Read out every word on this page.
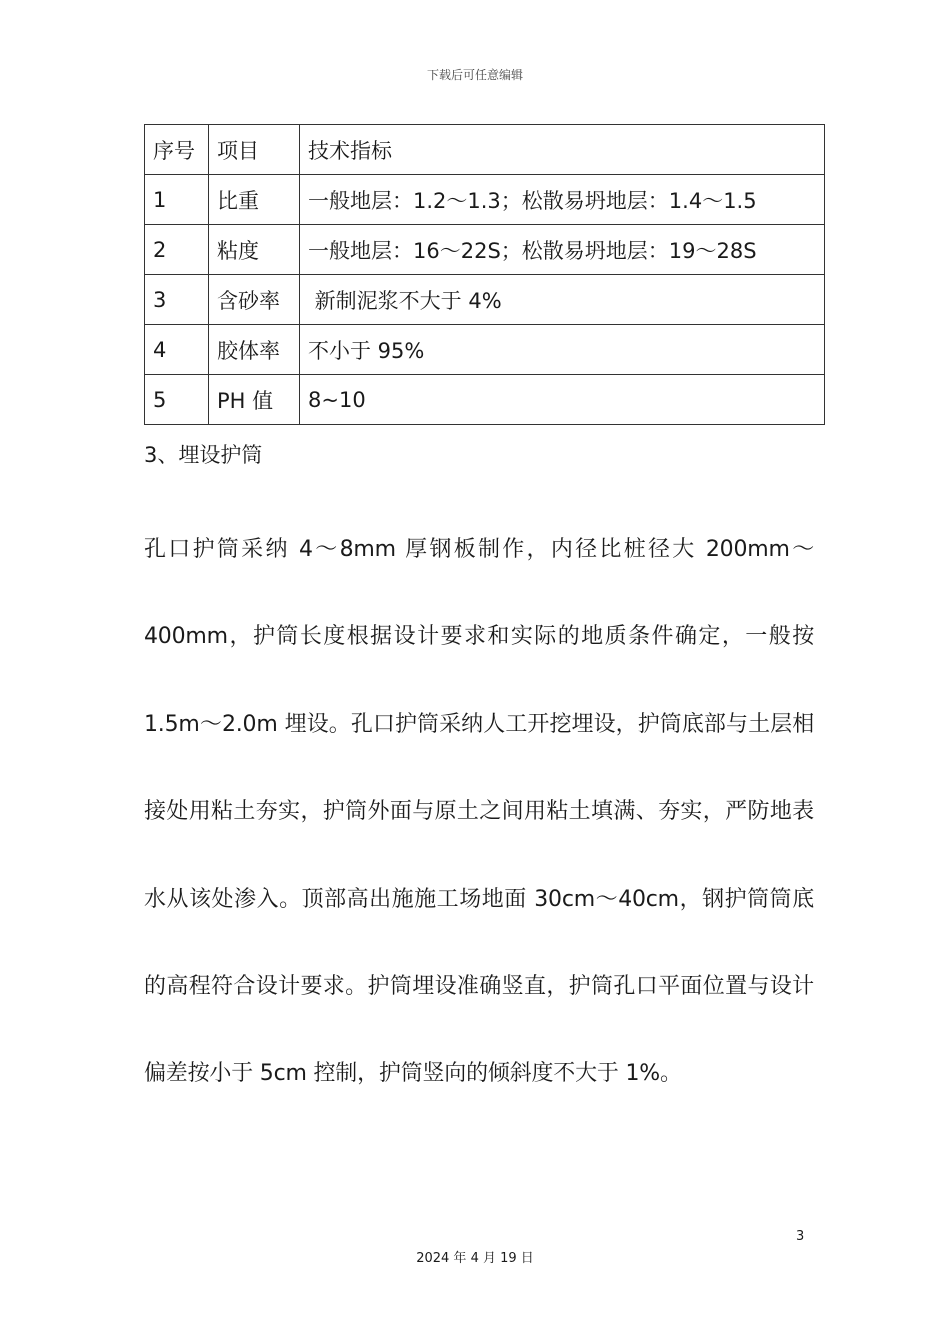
下载后可任意编辑
序号	项目	技术指标
1	比重	一般地层：1.2～1.3；松散易坍地层：1.4～1.5
2	粘度	一般地层：16～22S；松散易坍地层：19～28S
3	含砂率	新制泥浆不大于 4%
4	胶体率	不小于 95%
5	PH 值	8~10
3、埋设护筒
孔口护筒采纳 4～8mm 厚钢板制作，内径比桩径大 200mm～400mm，护筒长度根据设计要求和实际的地质条件确定，一般按 1.5m～2.0m 埋设。孔口护筒采纳人工开挖埋设，护筒底部与土层相接处用粘土夯实，护筒外面与原土之间用粘土填满、夯实，严防地表水从该处渗入。顶部高出施施工场地面 30cm～40cm，钢护筒筒底的高程符合设计要求。护筒埋设准确竖直，护筒孔口平面位置与设计偏差按小于 5cm 控制，护筒竖向的倾斜度不大于 1%。
3
2024 年 4 月 19 日
